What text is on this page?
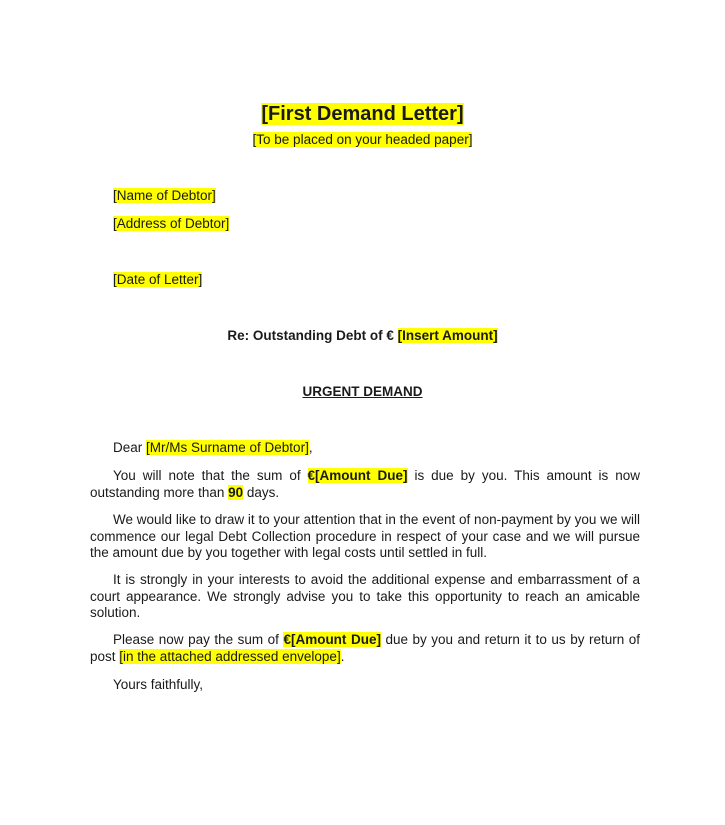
[First Demand Letter]
[To be placed on your headed paper]
[Name of Debtor]
[Address of Debtor]
[Date of Letter]
Re: Outstanding Debt of € [Insert Amount]
URGENT DEMAND
Dear [Mr/Ms Surname of Debtor],
You will note that the sum of €[Amount Due] is due by you. This amount is now outstanding more than 90 days.
We would like to draw it to your attention that in the event of non-payment by you we will commence our legal Debt Collection procedure in respect of your case and we will pursue the amount due by you together with legal costs until settled in full.
It is strongly in your interests to avoid the additional expense and embarrassment of a court appearance. We strongly advise you to take this opportunity to reach an amicable solution.
Please now pay the sum of €[Amount Due] due by you and return it to us by return of post [in the attached addressed envelope].
Yours faithfully,
